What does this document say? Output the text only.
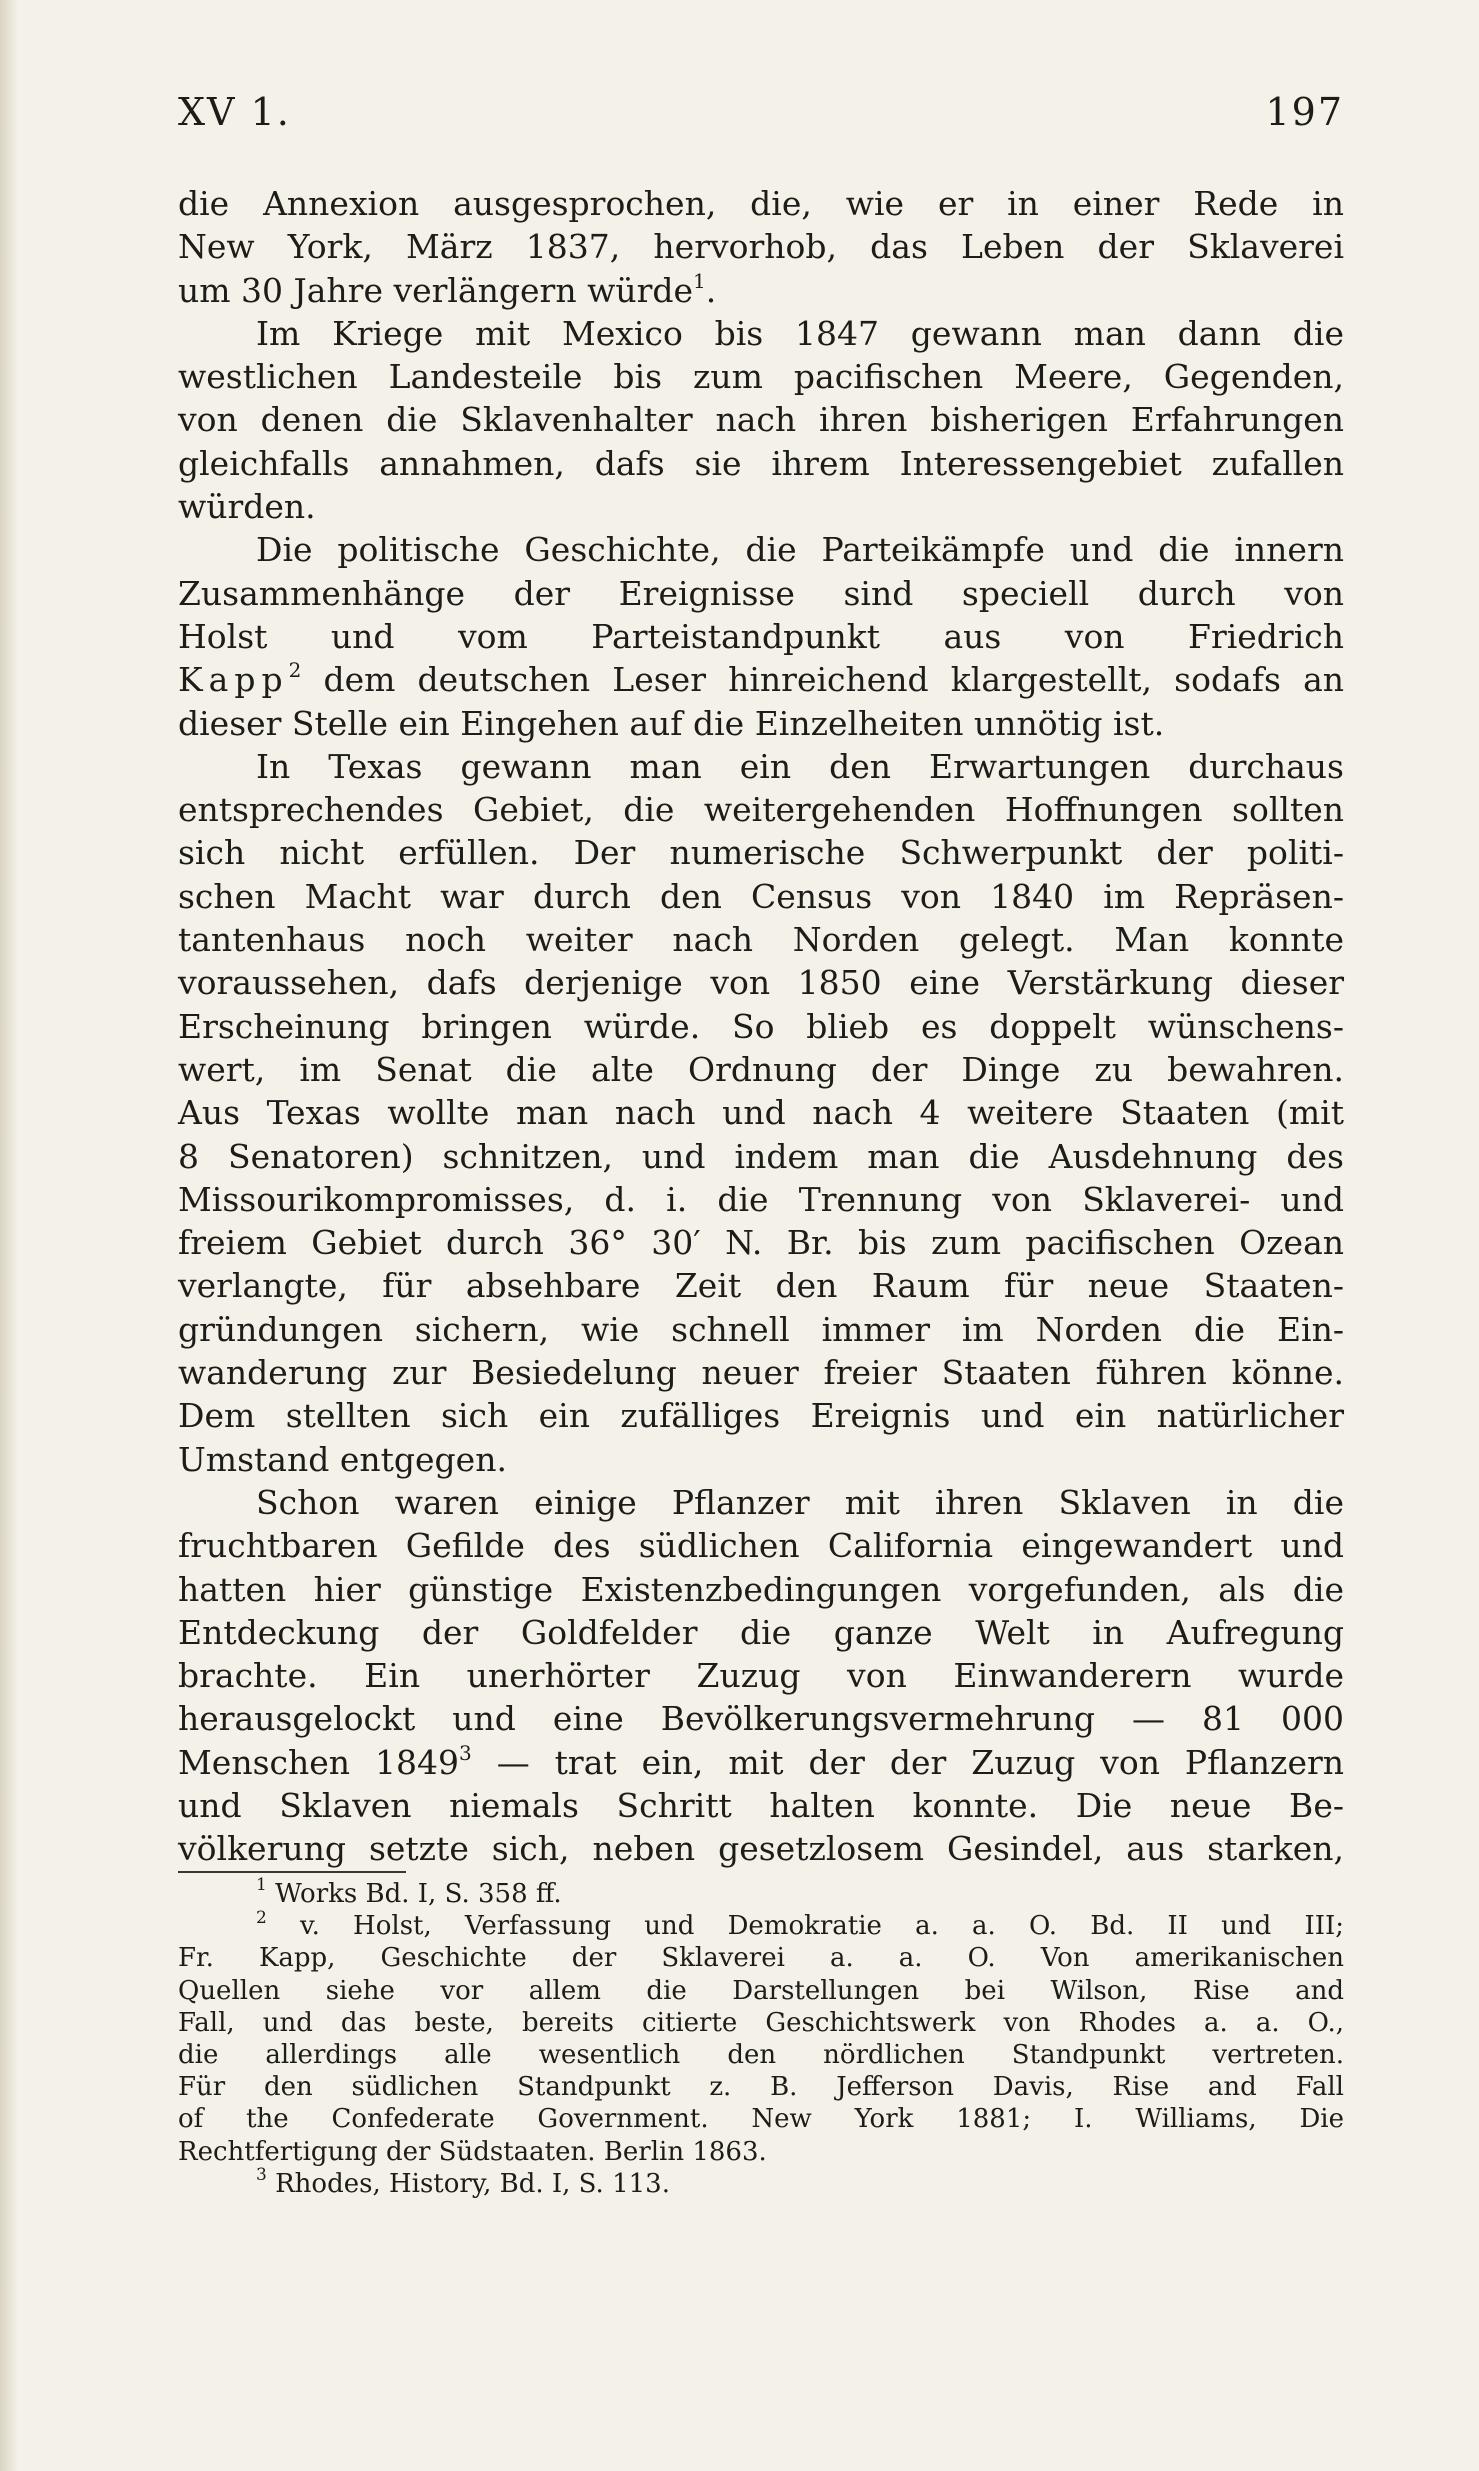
XV 1.	197
die Annexion ausgesprochen, die, wie er in einer Rede in
New York, März 1837, hervorhob, das Leben der Sklaverei
um 30 Jahre verlängern würde$^1$.
Im Kriege mit Mexico bis 1847 gewann man dann die
westlichen Landesteile bis zum pacifischen Meere, Gegenden,
von denen die Sklavenhalter nach ihren bisherigen Erfahrungen
gleichfalls annahmen, dafs sie ihrem Interessengebiet zufallen
würden.
Die politische Geschichte, die Parteikämpfe und die innern
Zusammenhänge der Ereignisse sind speciell durch von
Holst und vom Parteistandpunkt aus von Friedrich
Kapp$^2$ dem deutschen Leser hinreichend klargestellt, sodafs an
dieser Stelle ein Eingehen auf die Einzelheiten unnötig ist.
In Texas gewann man ein den Erwartungen durchaus
entsprechendes Gebiet, die weitergehenden Hoffnungen sollten
sich nicht erfüllen. Der numerische Schwerpunkt der politi-
schen Macht war durch den Census von 1840 im Repräsen-
tantenhaus noch weiter nach Norden gelegt. Man konnte
voraussehen, dafs derjenige von 1850 eine Verstärkung dieser
Erscheinung bringen würde. So blieb es doppelt wünschens-
wert, im Senat die alte Ordnung der Dinge zu bewahren.
Aus Texas wollte man nach und nach 4 weitere Staaten (mit
8 Senatoren) schnitzen, und indem man die Ausdehnung des
Missourikompromisses, d. i. die Trennung von Sklaverei- und
freiem Gebiet durch 36° 30′ N. Br. bis zum pacifischen Ozean
verlangte, für absehbare Zeit den Raum für neue Staaten-
gründungen sichern, wie schnell immer im Norden die Ein-
wanderung zur Besiedelung neuer freier Staaten führen könne.
Dem stellten sich ein zufälliges Ereignis und ein natürlicher
Umstand entgegen.
Schon waren einige Pflanzer mit ihren Sklaven in die
fruchtbaren Gefilde des südlichen California eingewandert und
hatten hier günstige Existenzbedingungen vorgefunden, als die
Entdeckung der Goldfelder die ganze Welt in Aufregung
brachte. Ein unerhörter Zuzug von Einwanderern wurde
herausgelockt und eine Bevölkerungsvermehrung — 81 000
Menschen 1849$^3$ — trat ein, mit der der Zuzug von Pflanzern
und Sklaven niemals Schritt halten konnte. Die neue Be-
völkerung setzte sich, neben gesetzlosem Gesindel, aus starken,
$^1$ Works Bd. I, S. 358 ff.
$^2$ v. Holst, Verfassung und Demokratie a. a. O. Bd. II und III;
Fr. Kapp, Geschichte der Sklaverei a. a. O. Von amerikanischen
Quellen siehe vor allem die Darstellungen bei Wilson, Rise and
Fall, und das beste, bereits citierte Geschichtswerk von Rhodes a. a. O.,
die allerdings alle wesentlich den nördlichen Standpunkt vertreten.
Für den südlichen Standpunkt z. B. Jefferson Davis, Rise and Fall
of the Confederate Government. New York 1881; I. Williams, Die
Rechtfertigung der Südstaaten. Berlin 1863.
$^3$ Rhodes, History, Bd. I, S. 113.
